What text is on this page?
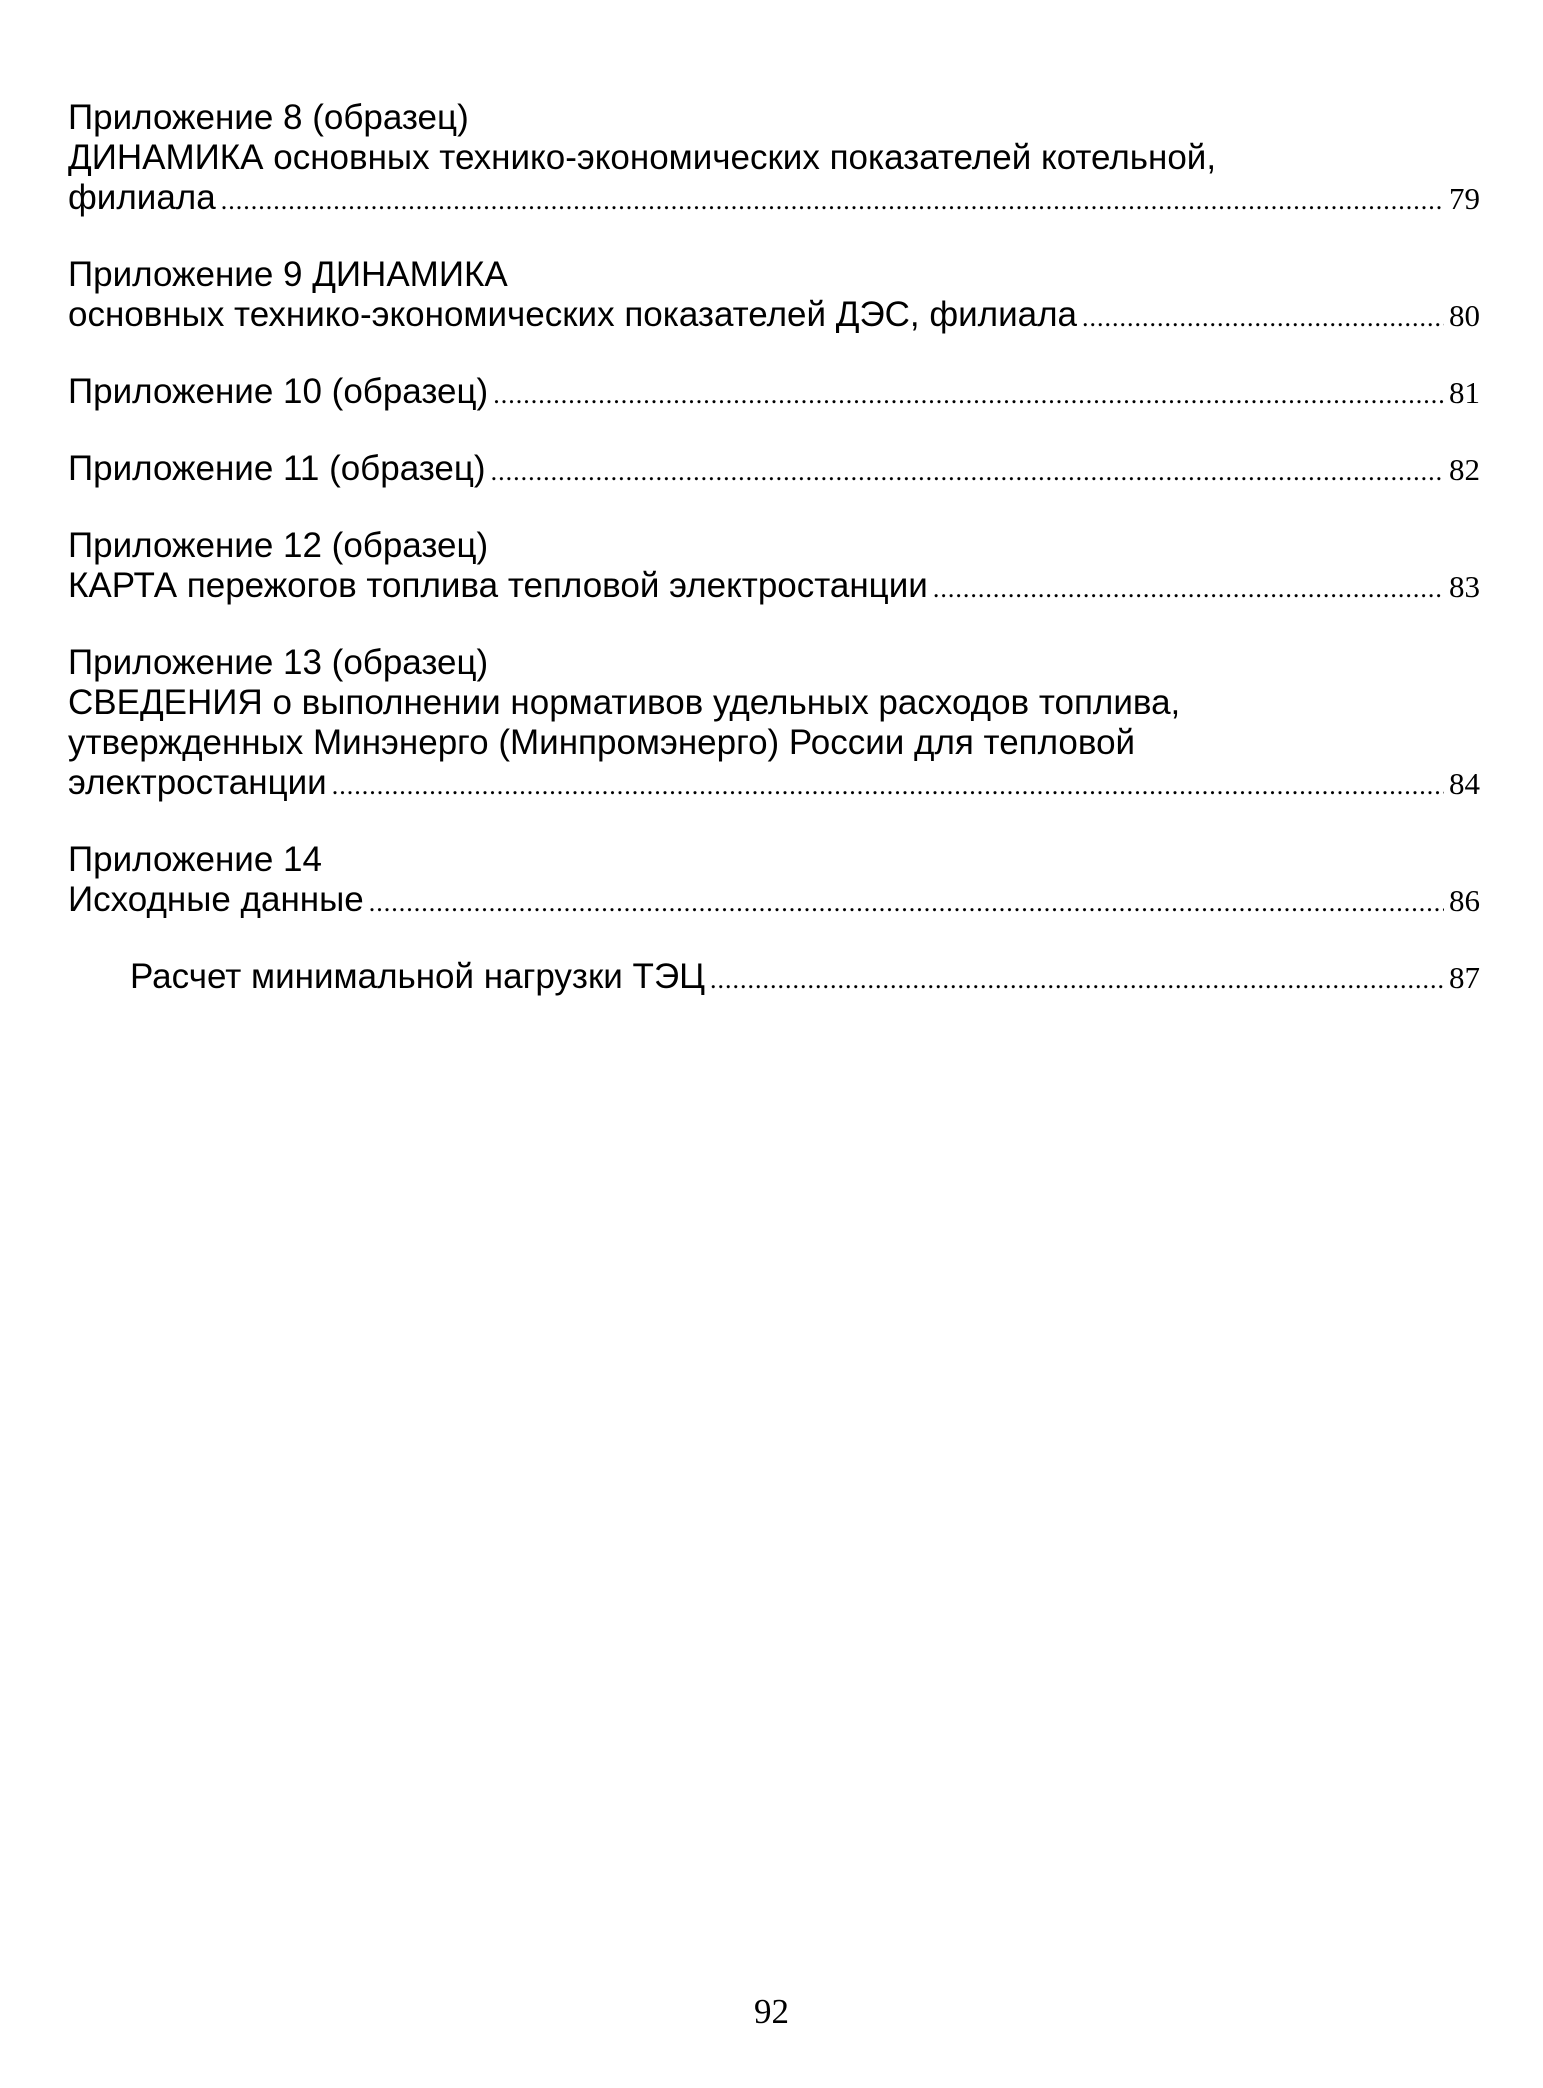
Приложение 8 (образец)
ДИНАМИКА основных технико-экономических показателей котельной,
филиала .....	79
Приложение 9 ДИНАМИКА
основных технико-экономических показателей ДЭС, филиала .....	80
Приложение 10 (образец) .....	81
Приложение 11 (образец) .....	82
Приложение 12 (образец)
КАРТА пережогов топлива тепловой электростанции .....	83
Приложение 13 (образец)
СВЕДЕНИЯ о выполнении нормативов удельных расходов топлива,
утвержденных Минэнерго (Минпромэнерго) России для тепловой
электростанции .....	84
Приложение 14
Исходные данные .....	86
Расчет минимальной нагрузки ТЭЦ .....	87
92
